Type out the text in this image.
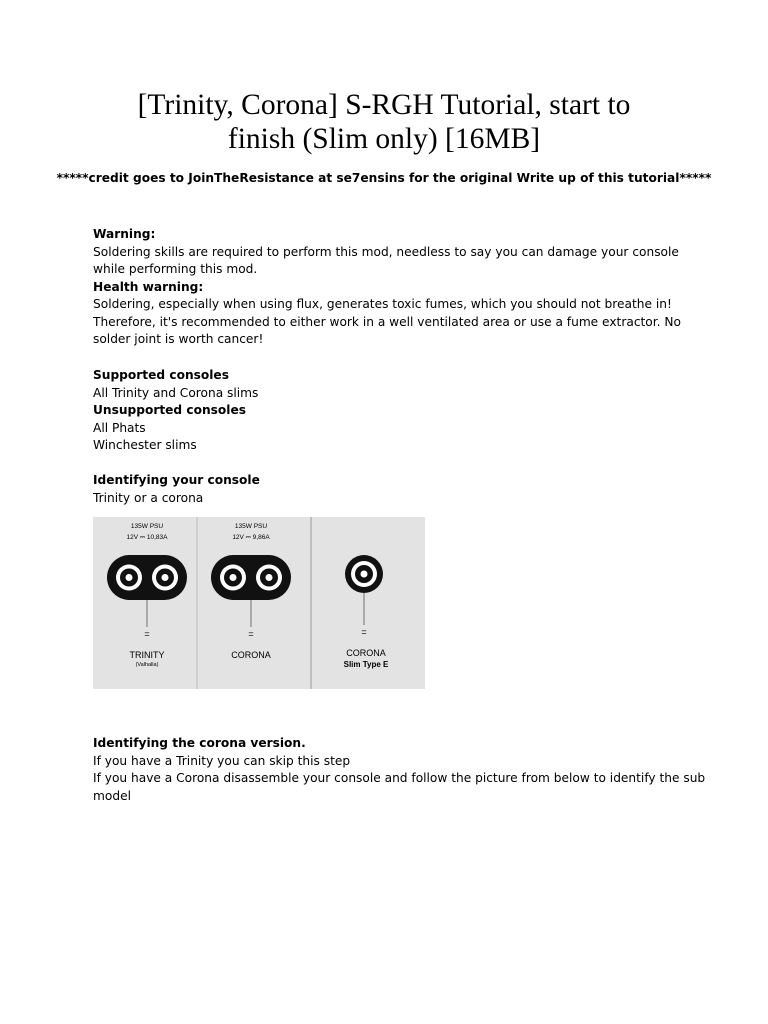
[Trinity, Corona] S-RGH Tutorial, start to
finish (Slim only) [16MB]

*****credit goes to JoinTheResistance at se7ensins for the original Write up of this tutorial*****

Warning:

Soldering skills are required to perform this mod, needless to say you can damage your console

while performing this mod.

Health warning:

Soldering, especially when using flux, generates toxic fumes, which you should not breathe in!

Therefore, it's recommended to either work in a well ventilated area or use a fume extractor. No

solder joint is worth cancer!

Supported consoles

All Trinity and Corona slims

Unsupported consoles

All Phats

Winchester slims

Identifying your console

Trinity or a corona

135W PSU
12V ⎓ 10,83A
=
TRINITY
(Valhalla)
135W PSU
12V ⎓ 9,86A
=
CORONA
=
CORONA
Slim Type E

Identifying the corona version.

If you have a Trinity you can skip this step

If you have a Corona disassemble your console and follow the picture from below to identify the sub

model
